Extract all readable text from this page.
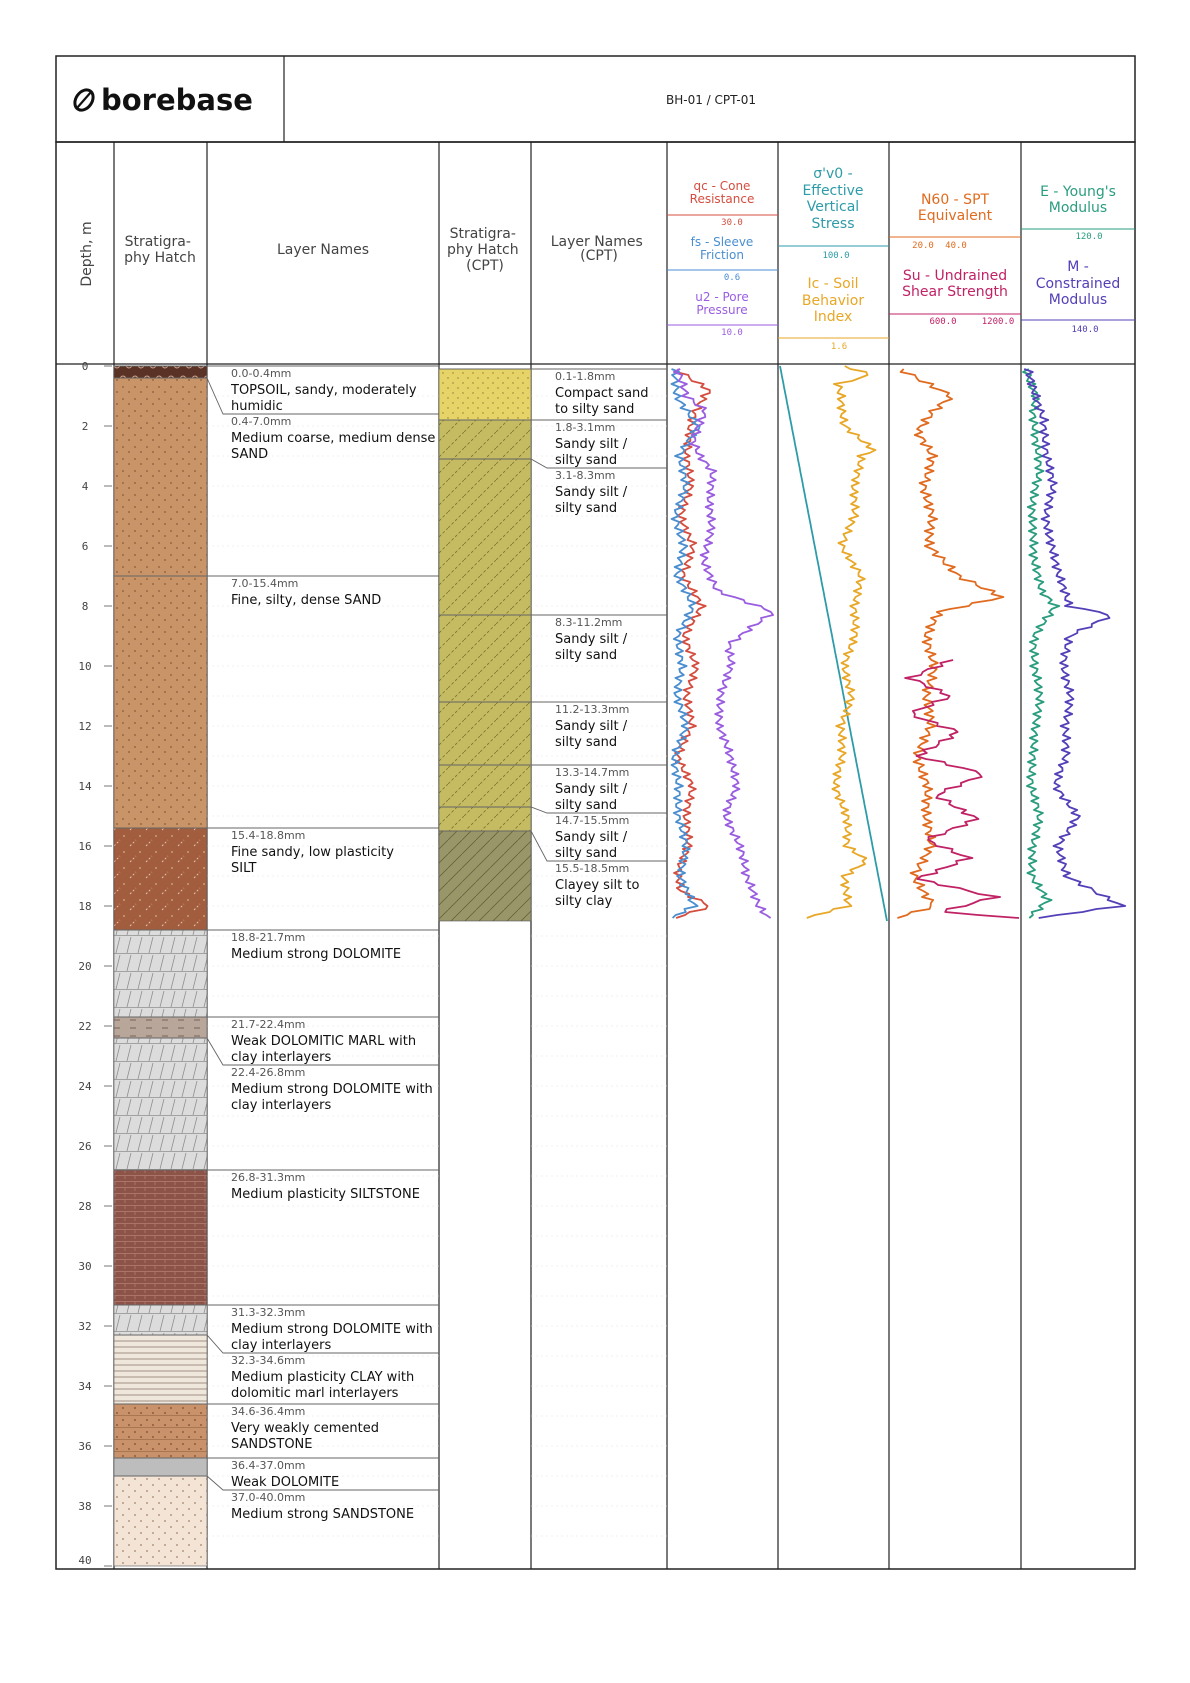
borebase	BH-01 / CPT-01
Depth, m Stratigra- phy Hatch	Layer Names
Stratigra- phy Hatch (CPT)
Layer Names (CPT)
qc - Cone Resistance
30.0
fs - Sleeve Friction
0.6
u2 - Pore Pressure
10.0
σ'v0 -Effective Vertical Stress
100.0
Ic - Soil Behavior Index
1.6
N60 - SPT Equivalent
20.0 40.0
Su - Undrained Shear Strength
600.0	1200.0
E - Young's Modulus
120.0
M -Constrained Modulus
140.0
0
2
4
6
8
10
12
14
16
18
20
22
24
26
28
30
32
34
36
38
40
0.0-0.4mm
TOPSOIL, sandy, moderately humidic
0.4-7.0mm
Medium coarse, medium dense SAND
7.0-15.4mm
Fine, silty, dense SAND
15.4-18.8mm
Fine sandy, low plasticity SILT
18.8-21.7mm
Medium strong DOLOMITE
21.7-22.4mm
Weak DOLOMITIC MARL with clay interlayers
22.4-26.8mm
Medium strong DOLOMITE with clay interlayers
26.8-31.3mm
Medium plasticity SILTSTONE
31.3-32.3mm
Medium strong DOLOMITE with clay interlayers
32.3-34.6mm
Medium plasticity CLAY with dolomitic marl interlayers
34.6-36.4mm
Very weakly cemented SANDSTONE
36.4-37.0mm
Weak DOLOMITE
37.0-40.0mm
Medium strong SANDSTONE
0.1-1.8mm
Compact sand to silty sand
1.8-3.1mm
Sandy silt / silty sand
3.1-8.3mm
Sandy silt / silty sand
8.3-11.2mm
Sandy silt / silty sand
11.2-13.3mm
Sandy silt / silty sand
13.3-14.7mm
Sandy silt / silty sand
14.7-15.5mm
Sandy silt / silty sand
15.5-18.5mm
Clayey silt to silty clay
